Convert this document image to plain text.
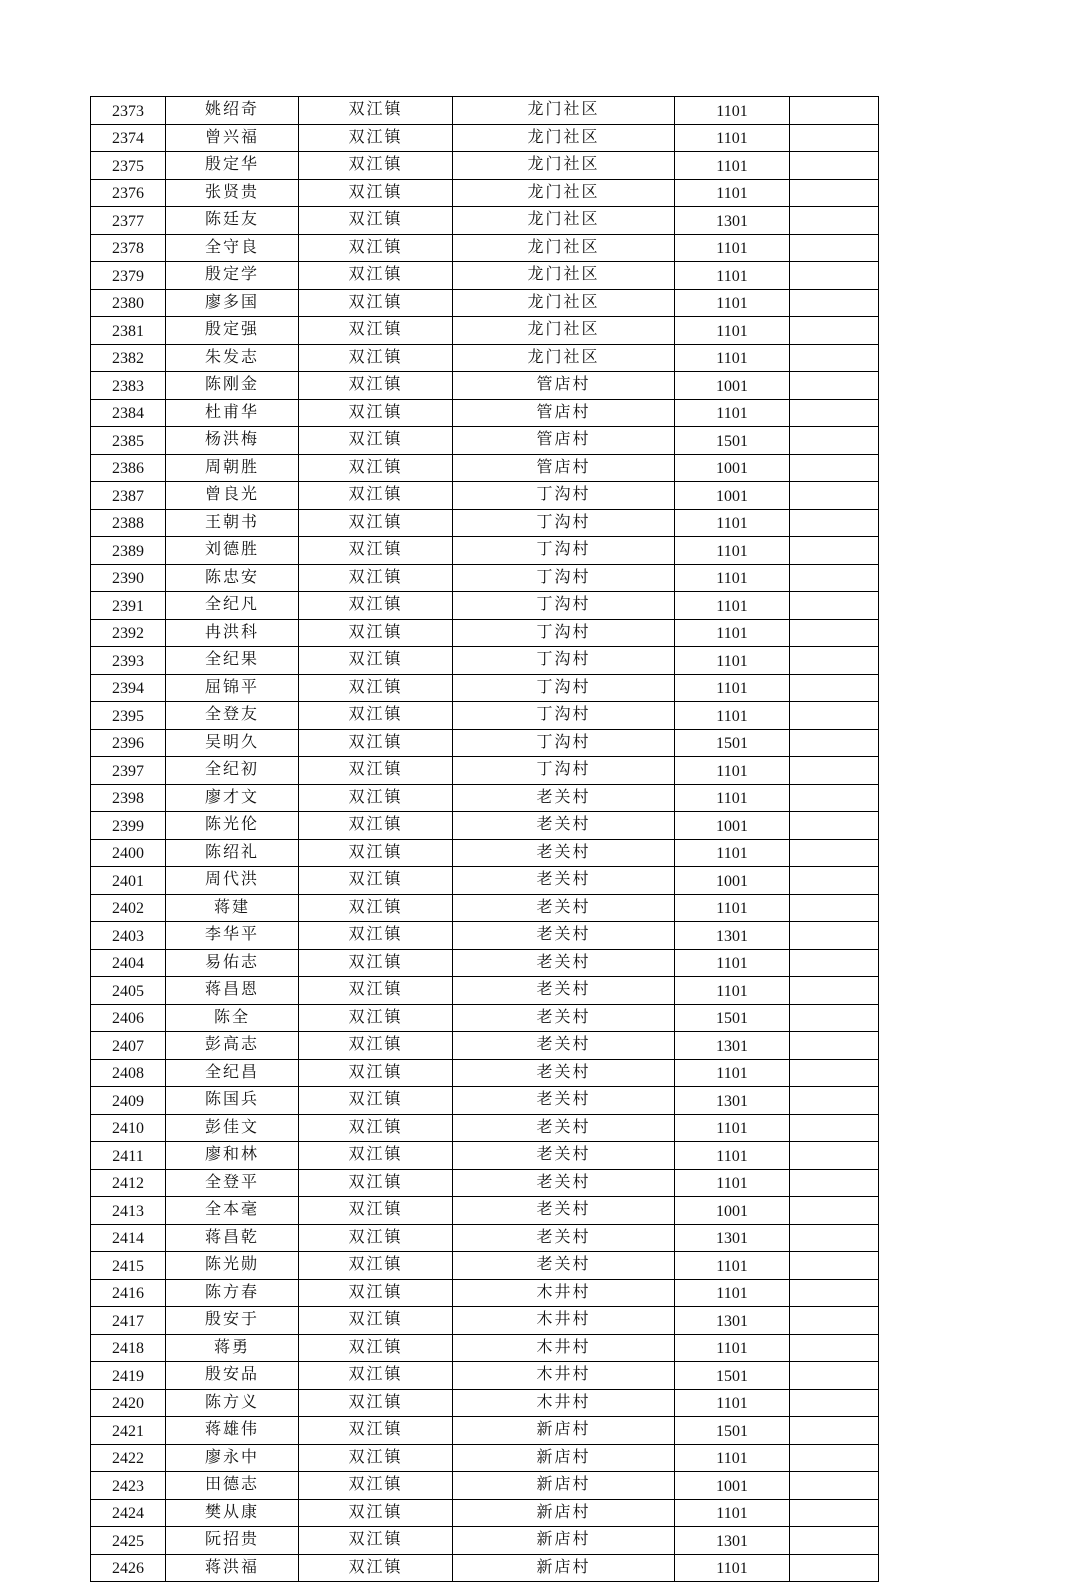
2373	姚绍奇	双江镇	龙门社区	1101	
2374	曾兴福	双江镇	龙门社区	1101	
2375	殷定华	双江镇	龙门社区	1101	
2376	张贤贵	双江镇	龙门社区	1101	
2377	陈廷友	双江镇	龙门社区	1301	
2378	全守良	双江镇	龙门社区	1101	
2379	殷定学	双江镇	龙门社区	1101	
2380	廖多国	双江镇	龙门社区	1101	
2381	殷定强	双江镇	龙门社区	1101	
2382	朱发志	双江镇	龙门社区	1101	
2383	陈刚金	双江镇	管店村	1001	
2384	杜甫华	双江镇	管店村	1101	
2385	杨洪梅	双江镇	管店村	1501	
2386	周朝胜	双江镇	管店村	1001	
2387	曾良光	双江镇	丁沟村	1001	
2388	王朝书	双江镇	丁沟村	1101	
2389	刘德胜	双江镇	丁沟村	1101	
2390	陈忠安	双江镇	丁沟村	1101	
2391	全纪凡	双江镇	丁沟村	1101	
2392	冉洪科	双江镇	丁沟村	1101	
2393	全纪果	双江镇	丁沟村	1101	
2394	屈锦平	双江镇	丁沟村	1101	
2395	全登友	双江镇	丁沟村	1101	
2396	吴明久	双江镇	丁沟村	1501	
2397	全纪初	双江镇	丁沟村	1101	
2398	廖才文	双江镇	老关村	1101	
2399	陈光伦	双江镇	老关村	1001	
2400	陈绍礼	双江镇	老关村	1101	
2401	周代洪	双江镇	老关村	1001	
2402	蒋建	双江镇	老关村	1101	
2403	李华平	双江镇	老关村	1301	
2404	易佑志	双江镇	老关村	1101	
2405	蒋昌恩	双江镇	老关村	1101	
2406	陈全	双江镇	老关村	1501	
2407	彭高志	双江镇	老关村	1301	
2408	全纪昌	双江镇	老关村	1101	
2409	陈国兵	双江镇	老关村	1301	
2410	彭佳文	双江镇	老关村	1101	
2411	廖和林	双江镇	老关村	1101	
2412	全登平	双江镇	老关村	1101	
2413	全本毫	双江镇	老关村	1001	
2414	蒋昌乾	双江镇	老关村	1301	
2415	陈光勋	双江镇	老关村	1101	
2416	陈方春	双江镇	木井村	1101	
2417	殷安于	双江镇	木井村	1301	
2418	蒋勇	双江镇	木井村	1101	
2419	殷安品	双江镇	木井村	1501	
2420	陈方义	双江镇	木井村	1101	
2421	蒋雄伟	双江镇	新店村	1501	
2422	廖永中	双江镇	新店村	1101	
2423	田德志	双江镇	新店村	1001	
2424	樊从康	双江镇	新店村	1101	
2425	阮招贵	双江镇	新店村	1301	
2426	蒋洪福	双江镇	新店村	1101	
